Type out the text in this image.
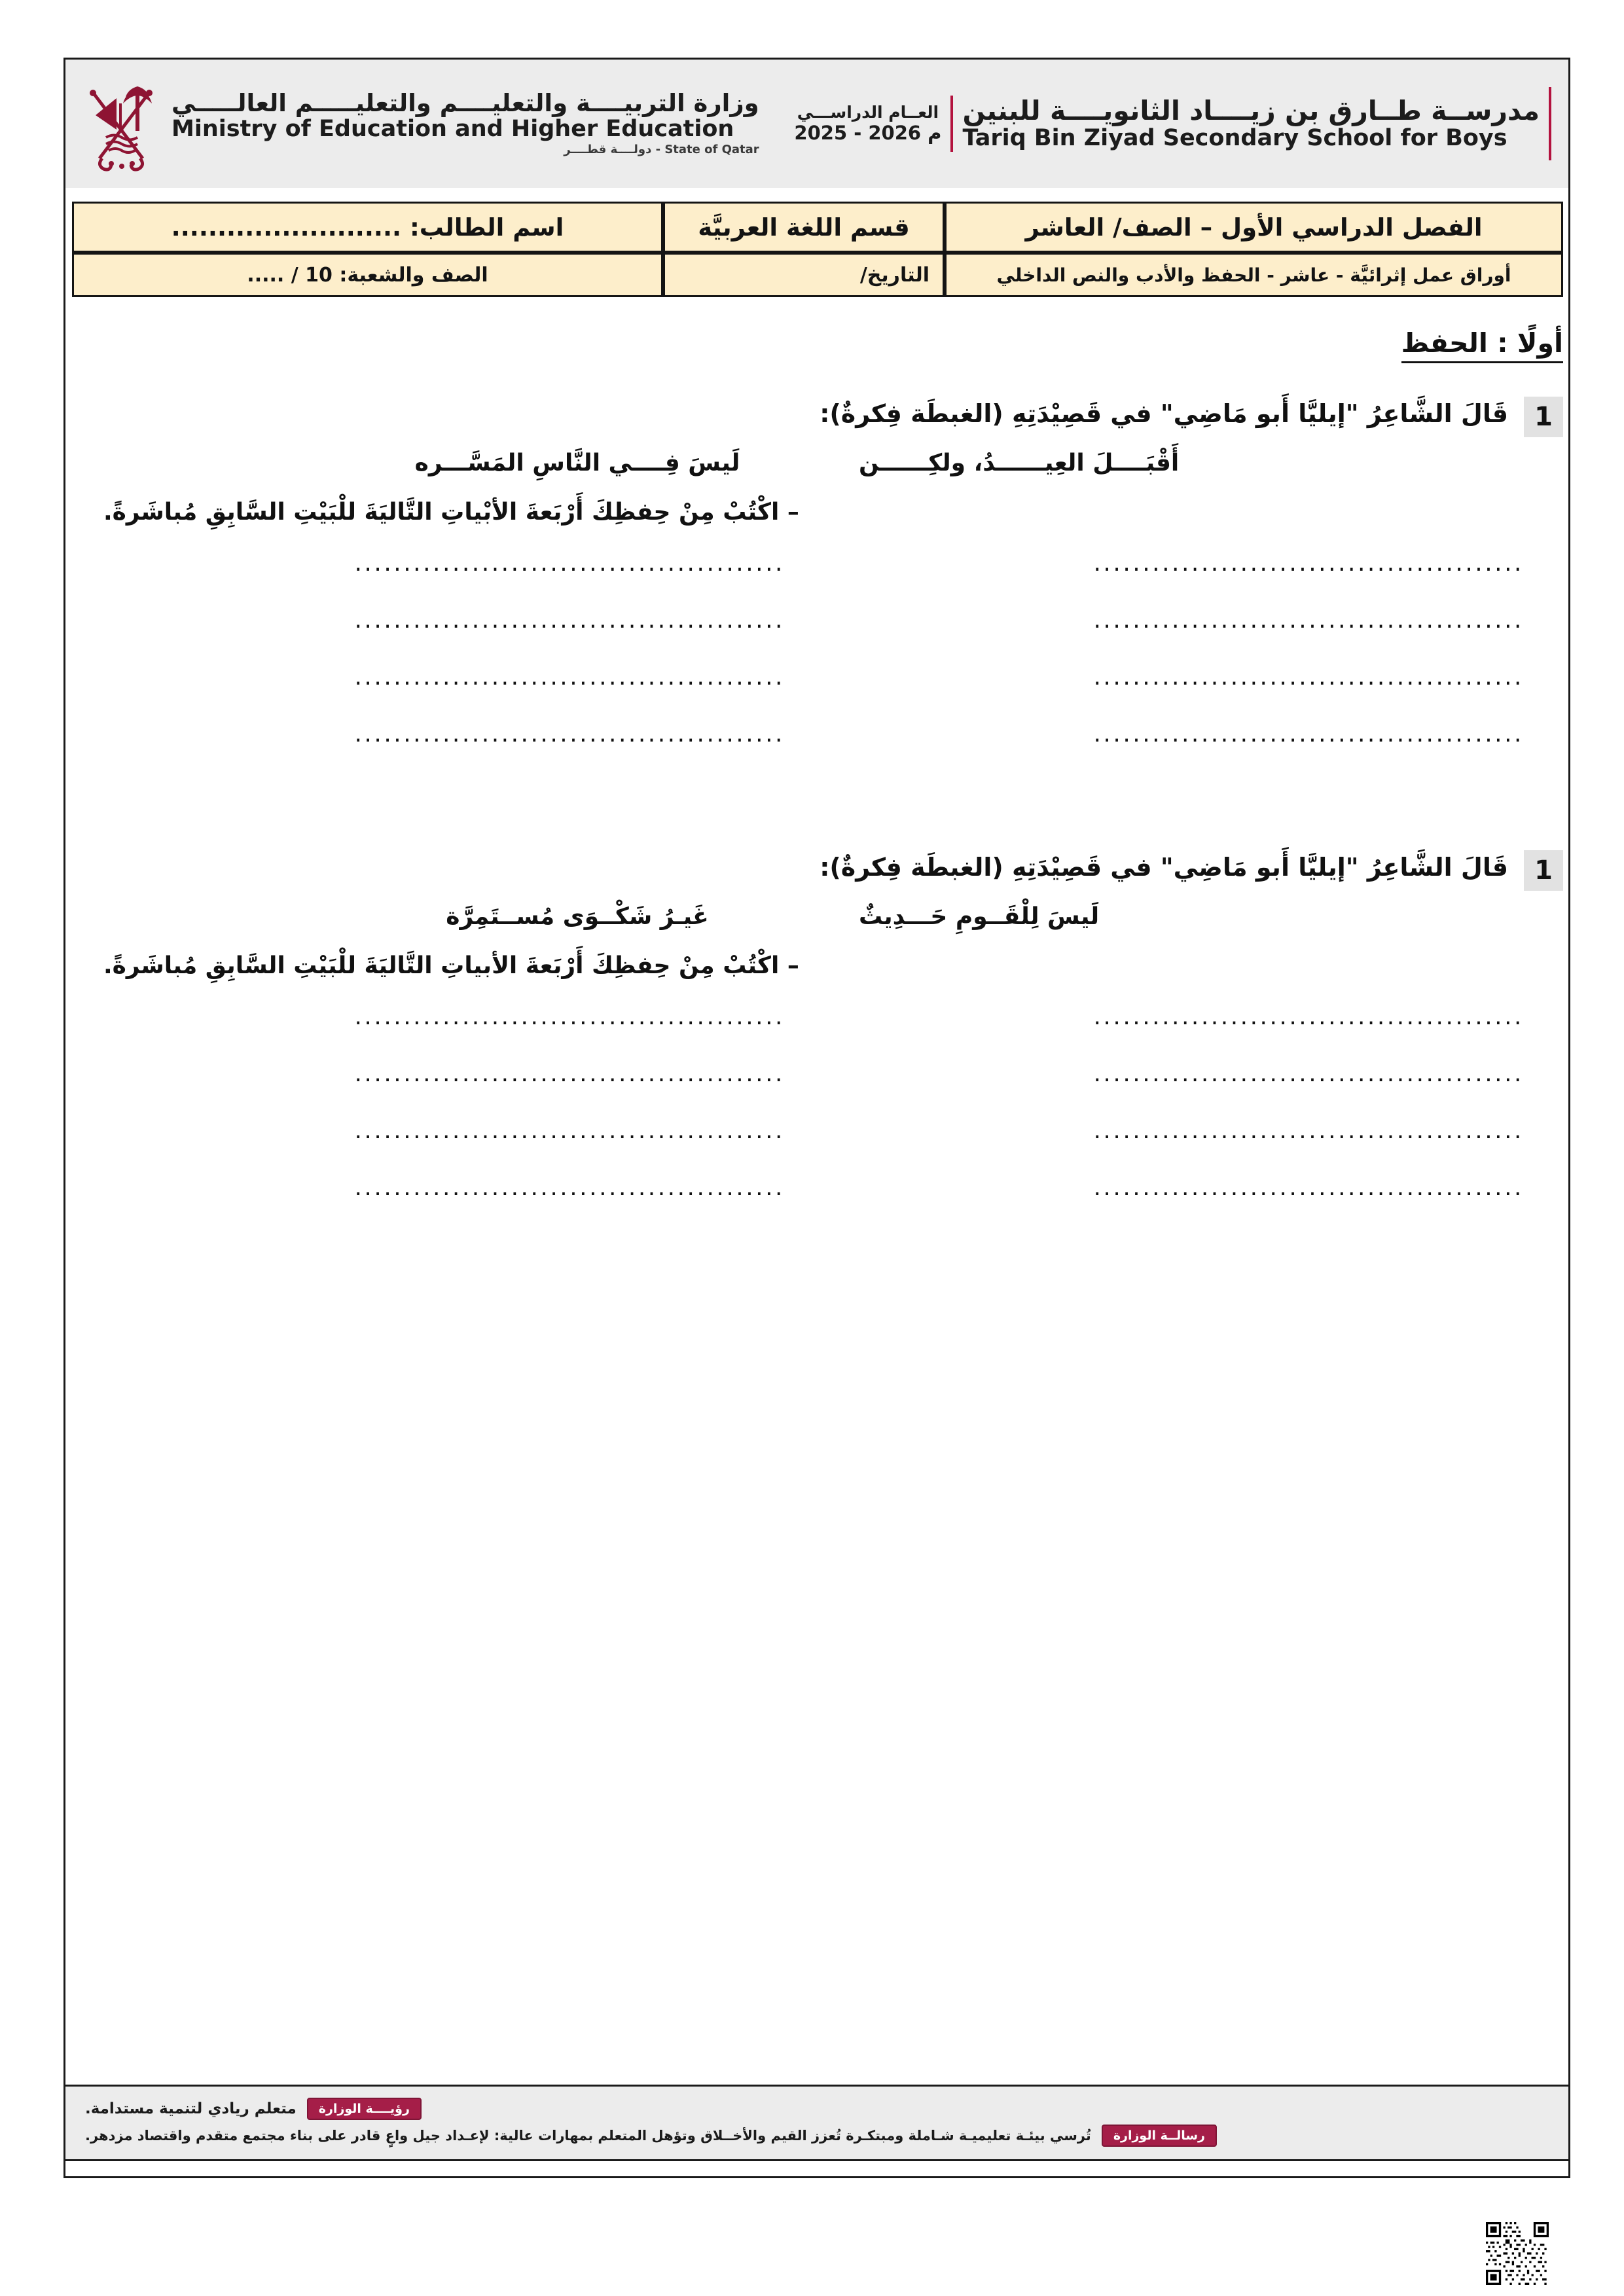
وزارة التربيــــة والتعليــــم والتعليـــــم العالـــــي
Ministry of Education and Higher Education
دولــــة قطــــر - State of Qatar
مدرســة طــارق بن زيــــاد الثانويــــة للبنين
Tariq Bin Ziyad Secondary School for Boys
العــام الدراســـي
2025 - 2026 م
الفصل الدراسي الأول – الصف/ العاشر	قسم اللغة العربيَّة	اسم الطالب: .........................
أوراق عمل إثرائيَّة - عاشر - الحفظ والأدب والنص الداخلي	التاريخ/	الصف والشعبة: 10 / .....
أولًا : الحفظ
1
قَالَ الشَّاعِرُ "إيليَّا أَبو مَاضِي" في قَصِيْدَتِهِ (الغبطَة فِكرةٌ):
أَقْبَــــلَ العِيــــــدُ، ولكِــــــن
لَيسَ فِــــي النَّاسِ المَسَّـــره
– اكْتُبْ مِنْ حِفظِكَ أَرْبَعةَ الأبْياتِ التَّاليَةَ للْبَيْتِ السَّابِقِ مُباشَرةً.
............................................
............................................
............................................
............................................
............................................
............................................
............................................
............................................
1
قَالَ الشَّاعِرُ "إيليَّا أَبو مَاضِي" في قَصِيْدَتِهِ (الغبطَة فِكرةٌ):
لَيسَ لِلْقَــومِ حَـــدِيثٌ
غَيـرُ شَكْــوَى مُســتَمِرَّة
– اكْتُبْ مِنْ حِفظِكَ أَرْبَعةَ الأبياتِ التَّاليَةَ للْبَيْتِ السَّابِقِ مُباشَرةً.
............................................
............................................
............................................
............................................
............................................
............................................
............................................
............................................
رؤيــــة الوزارة
متعلم ريادي لتنمية مستدامة.
رسالــة الوزارة
تُرسي بيئـة تعليميـة شـاملة ومبتكـرة تُعزز القيم والأخــلاق وتؤهل المتعلم بمهارات عالية: لإعـداد جيل واعٍ قادر على بناء مجتمع متقدم واقتصاد مزدهر.
